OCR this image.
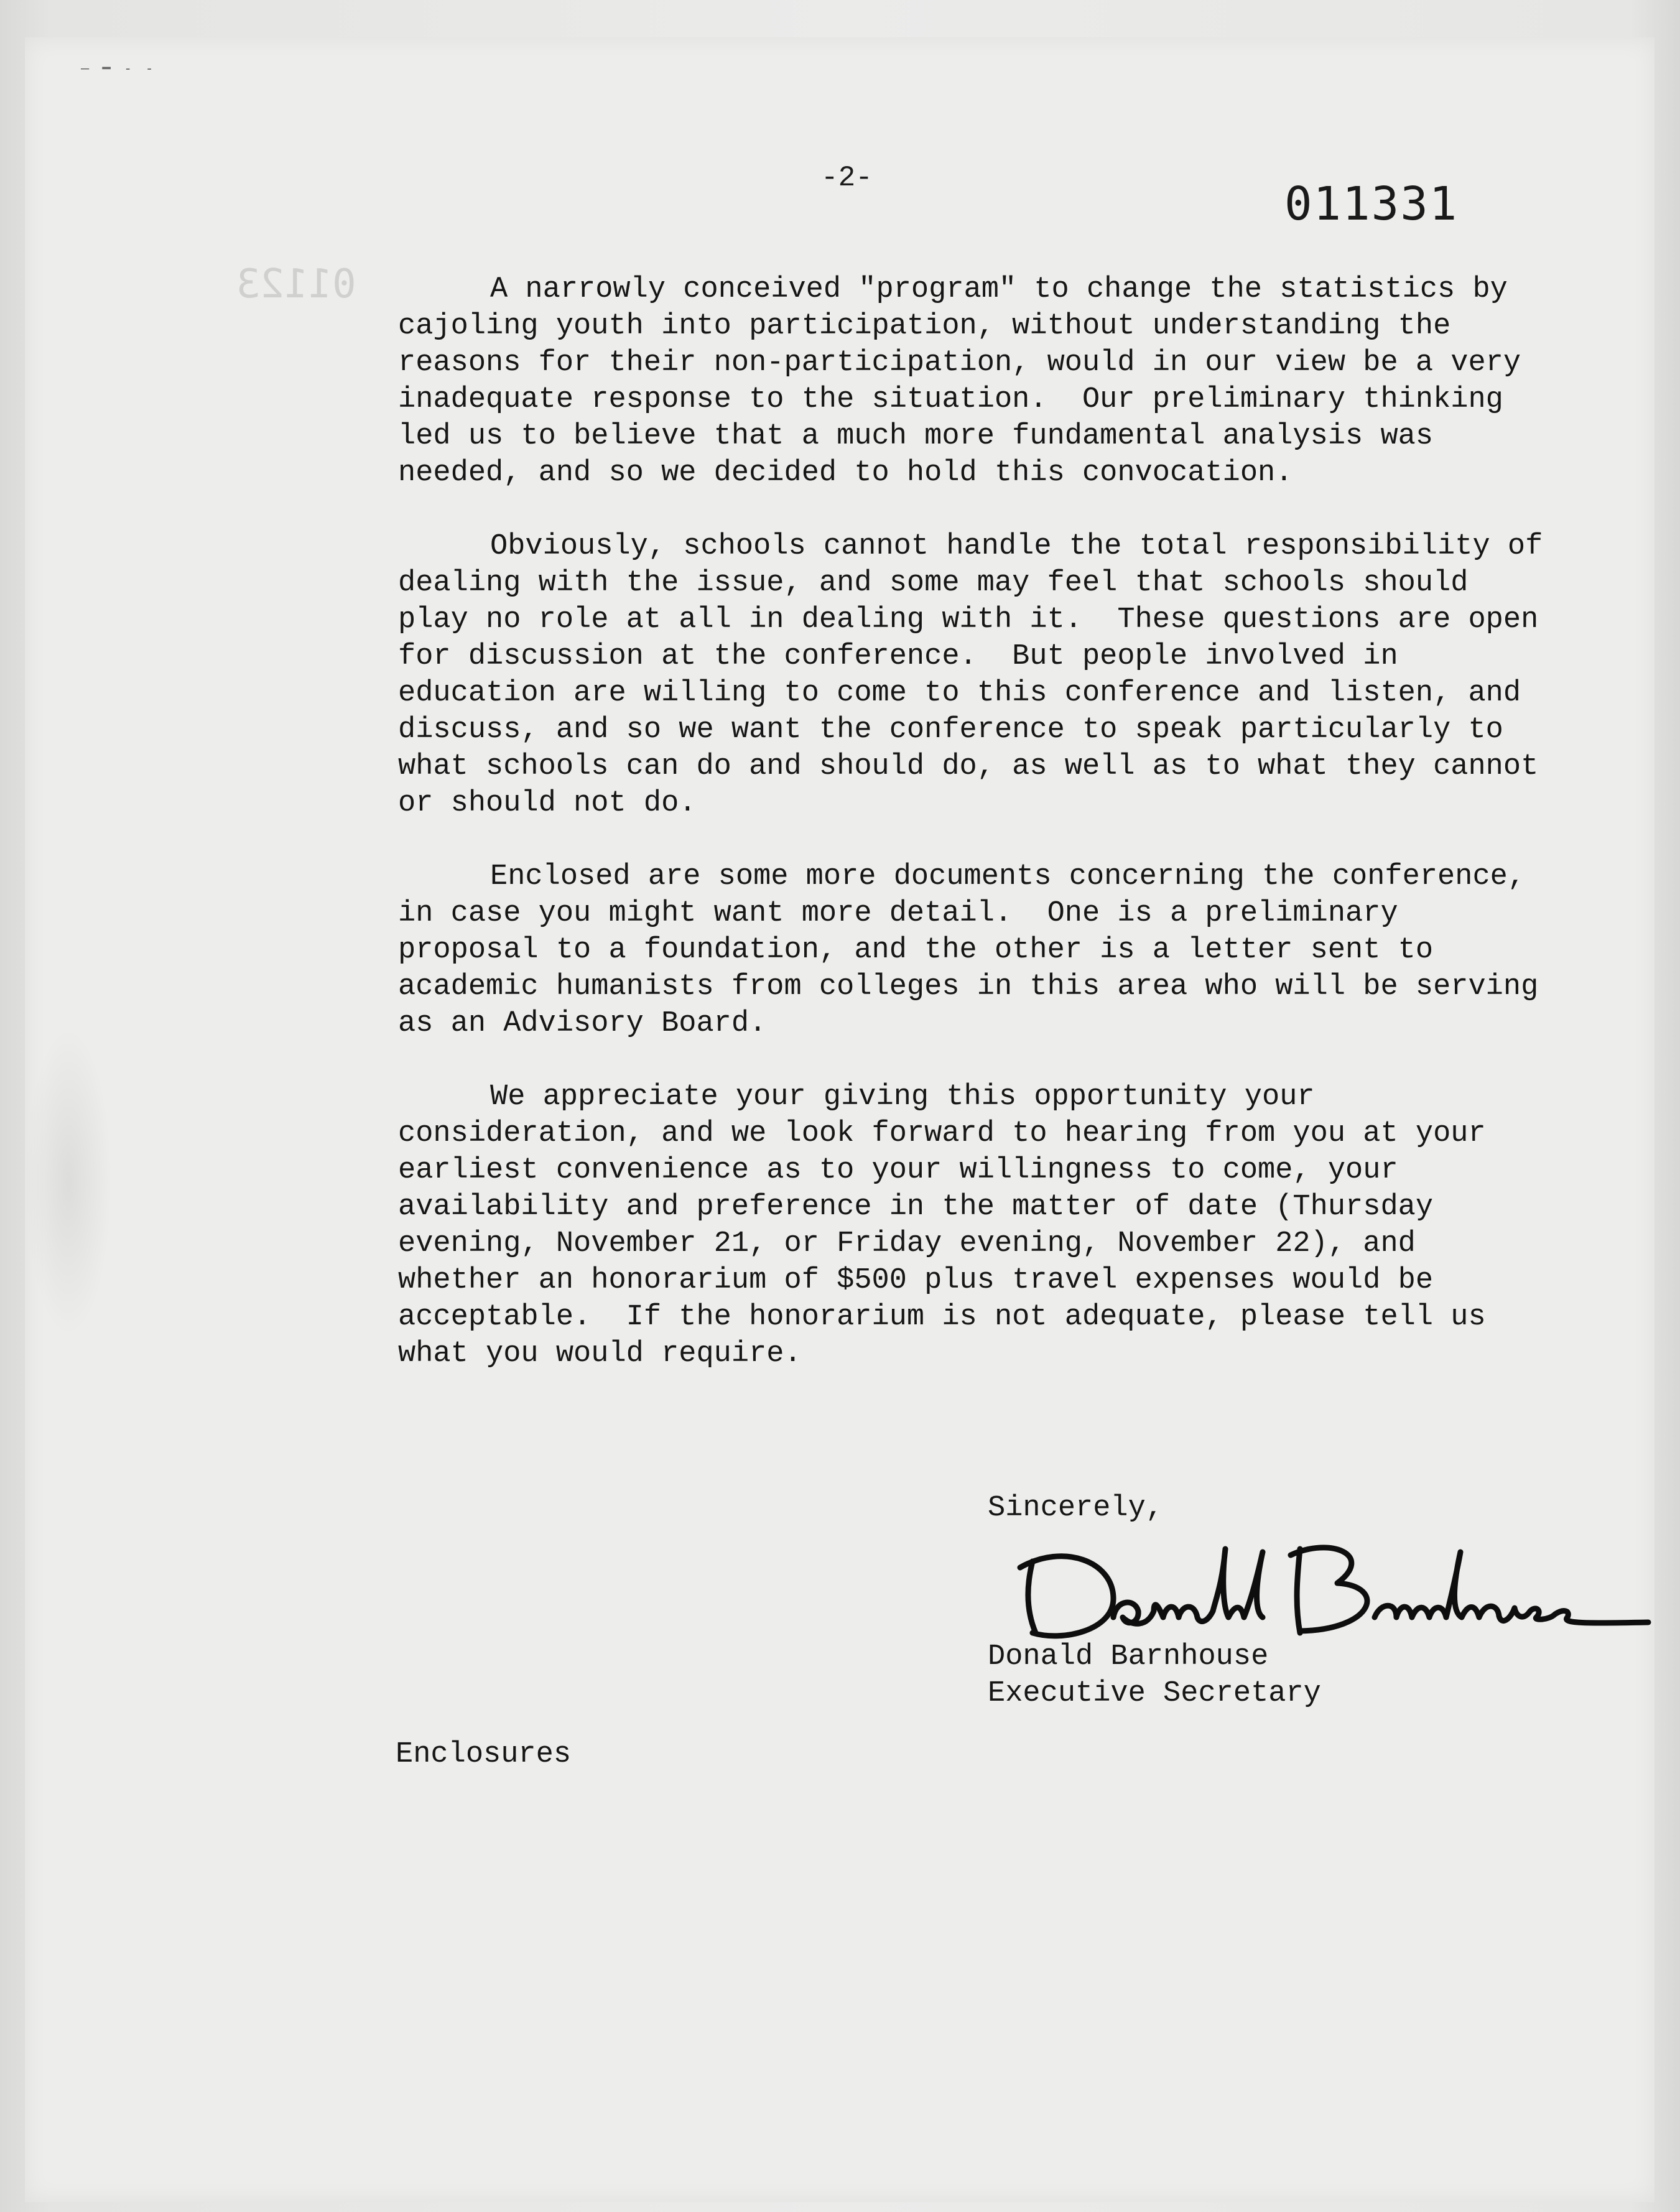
— ━ - -
01123
-2-	011331

A narrowly conceived "program" to change the statistics by cajoling youth into participation, without understanding the reasons for their non-participation, would in our view be a very inadequate response to the situation.  Our preliminary thinking led us to believe that a much more fundamental analysis was needed, and so we decided to hold this convocation.

Obviously, schools cannot handle the total responsibility of dealing with the issue, and some may feel that schools should play no role at all in dealing with it.  These questions are open for discussion at the conference.  But people involved in education are willing to come to this conference and listen, and discuss, and so we want the conference to speak particularly to what schools can do and should do, as well as to what they cannot or should not do.

Enclosed are some more documents concerning the conference, in case you might want more detail.  One is a preliminary proposal to a foundation, and the other is a letter sent to academic humanists from colleges in this area who will be serving as an Advisory Board.

We appreciate your giving this opportunity your consideration, and we look forward to hearing from you at your earliest convenience as to your willingness to come, your availability and preference in the matter of date (Thursday evening, November 21, or Friday evening, November 22), and whether an honorarium of $500 plus travel expenses would be acceptable.  If the honorarium is not adequate, please tell us what you would require.

Sincerely,
Donald Barnhouse
Executive Secretary
Enclosures
